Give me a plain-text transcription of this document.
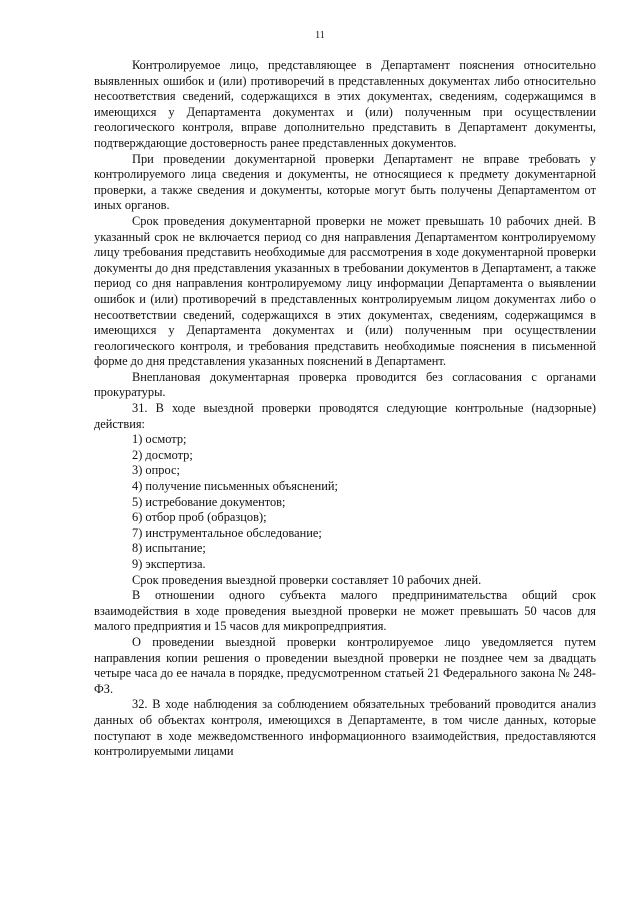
11

Контролируемое лицо, представляющее в Департамент пояснения относительно выявленных ошибок и (или) противоречий в представленных документах либо относительно несоответствия сведений, содержащихся в этих документах, сведениям, содержащимся в имеющихся у Департамента документах и (или) полученным при осуществлении геологического контроля, вправе дополнительно представить в Департамент документы, подтверждающие достоверность ранее представленных документов.

При проведении документарной проверки Департамент не вправе требовать у контролируемого лица сведения и документы, не относящиеся к предмету документарной проверки, а также сведения и документы, которые могут быть получены Департаментом от иных органов.

Срок проведения документарной проверки не может превышать 10 рабочих дней. В указанный срок не включается период со дня направления Департаментом контролируемому лицу требования представить необходимые для рассмотрения в ходе документарной проверки документы до дня представления указанных в требовании документов в Департамент, а также период со дня направления контролируемому лицу информации Департамента о выявлении ошибок и (или) противоречий в представленных контролируемым лицом документах либо о несоответствии сведений, содержащихся в этих документах, сведениям, содержащимся в имеющихся у Департамента документах и (или) полученным при осуществлении геологического контроля, и требования представить необходимые пояснения в письменной форме до дня представления указанных пояснений в Департамент.

Внеплановая документарная проверка проводится без согласования с органами прокуратуры.

31. В ходе выездной проверки проводятся следующие контрольные (надзорные) действия:

1) осмотр;
2) досмотр;
3) опрос;
4) получение письменных объяснений;
5) истребование документов;
6) отбор проб (образцов);
7) инструментальное обследование;
8) испытание;
9) экспертиза.

Срок проведения выездной проверки составляет 10 рабочих дней.

В отношении одного субъекта малого предпринимательства общий срок взаимодействия в ходе проведения выездной проверки не может превышать 50 часов для малого предприятия и 15 часов для микропредприятия.

О проведении выездной проверки контролируемое лицо уведомляется путем направления копии решения о проведении выездной проверки не позднее чем за двадцать четыре часа до ее начала в порядке, предусмотренном статьей 21 Федерального закона № 248-ФЗ.

32. В ходе наблюдения за соблюдением обязательных требований проводится анализ данных об объектах контроля, имеющихся в Департаменте, в том числе данных, которые поступают в ходе межведомственного информационного взаимодействия, предоставляются контролируемыми лицами
